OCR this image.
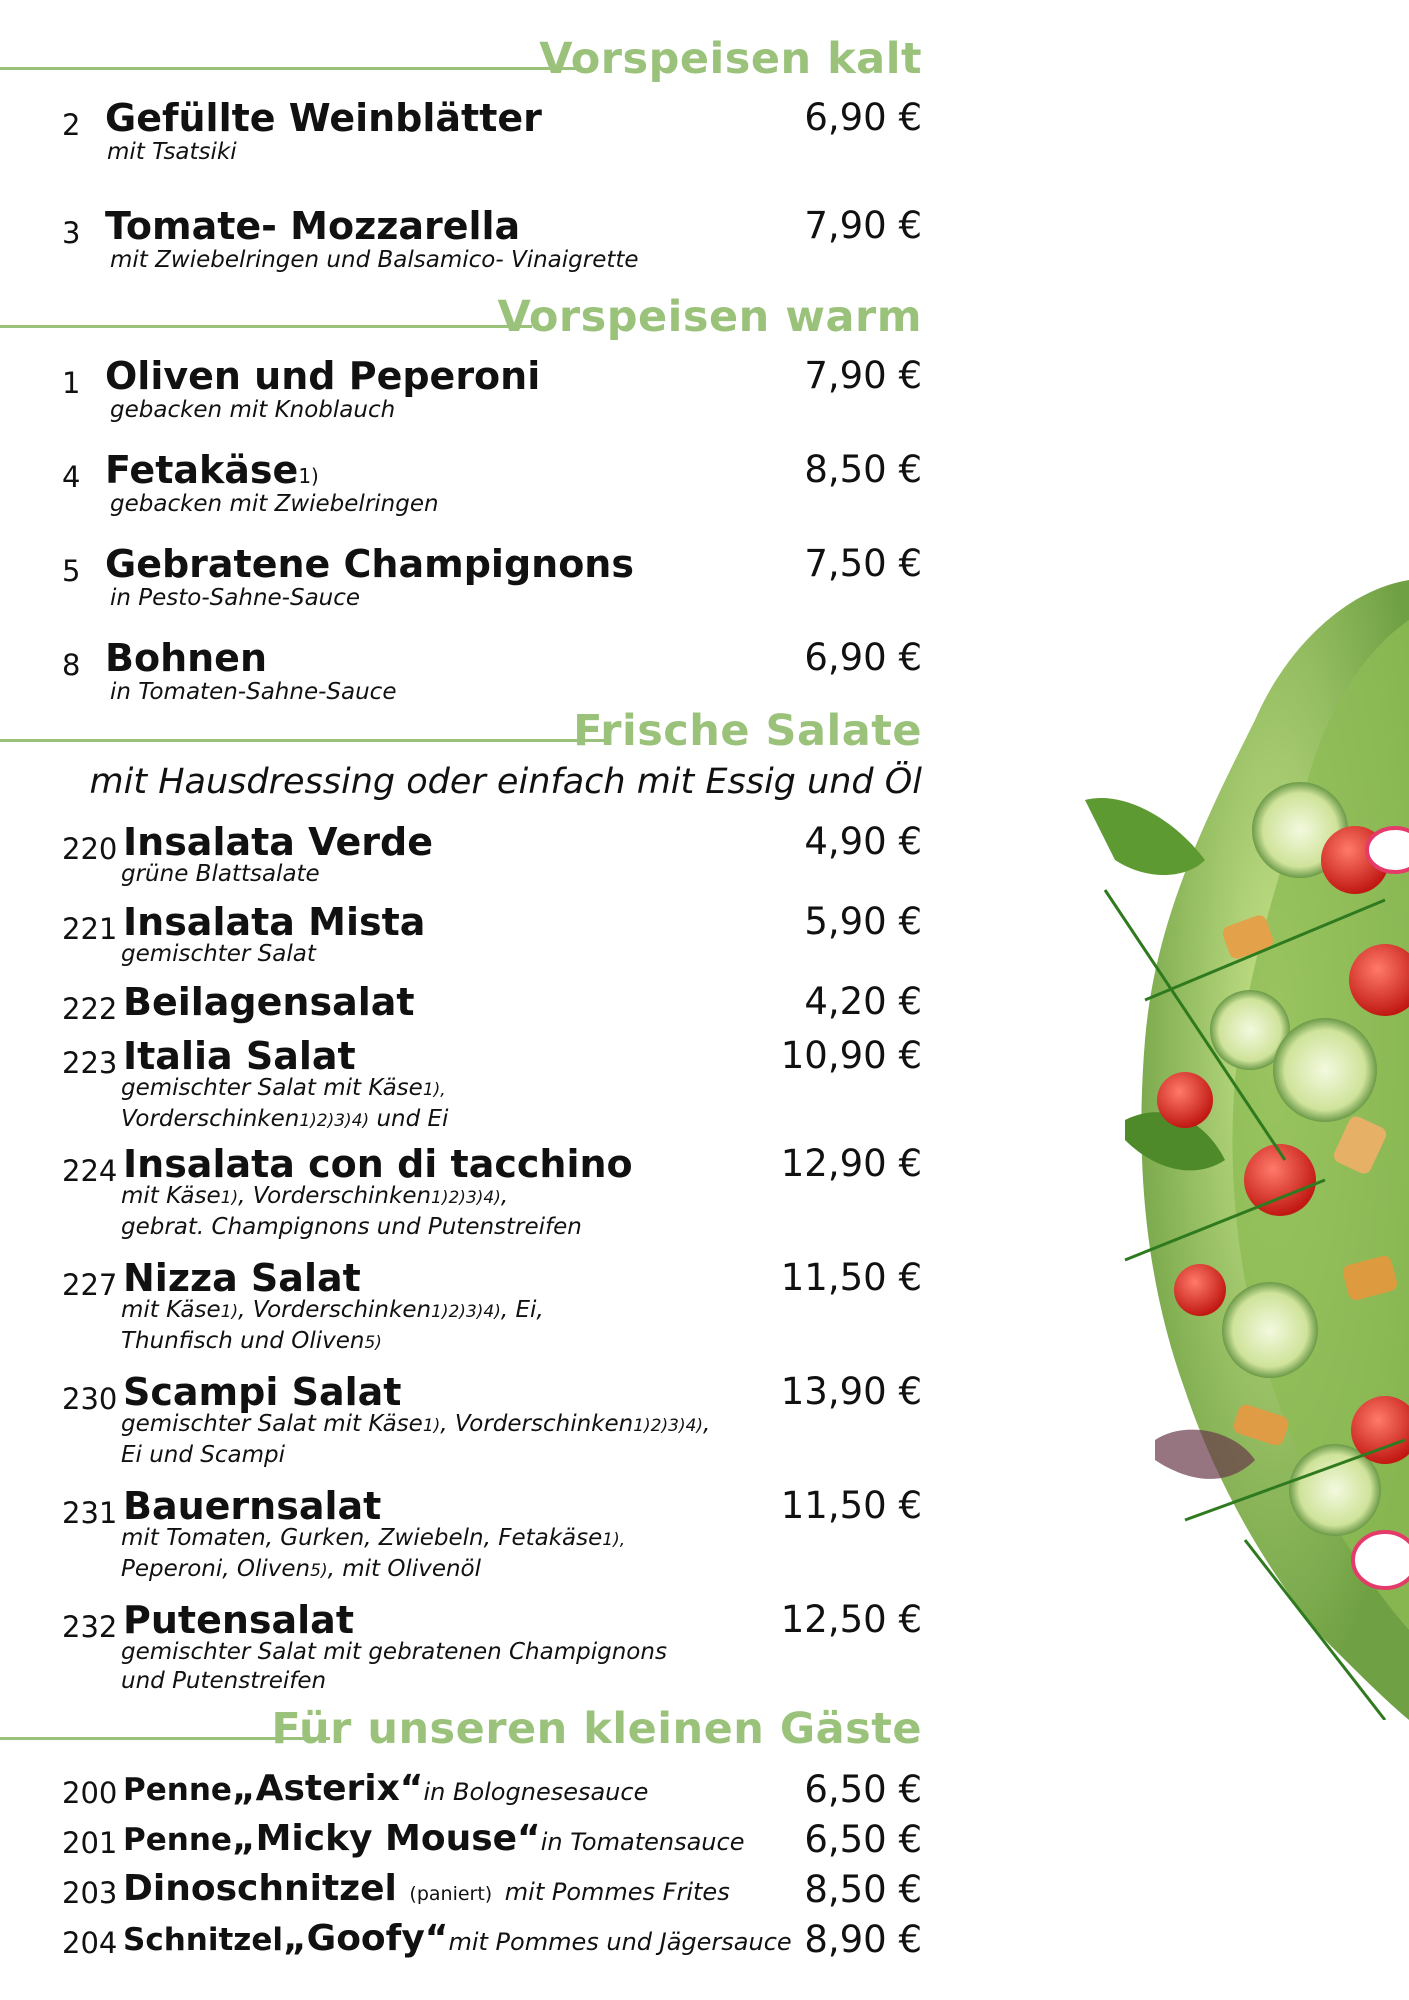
Vorspeisen kalt
2 Gefüllte Weinblätter
mit Tsatsiki
6,90 €
3 Tomate- Mozzarella
mit Zwiebelringen und Balsamico- Vinaigrette
7,90 €
Vorspeisen warm
1 Oliven und Peperoni
gebacken mit Knoblauch
7,90 €
4 Fetakäse1)
gebacken mit Zwiebelringen
8,50 €
5 Gebratene Champignons
in Pesto-Sahne-Sauce
7,50 €
8 Bohnen
in Tomaten-Sahne-Sauce
6,90 €
Frische Salate
mit Hausdressing oder einfach mit Essig und Öl
220 Insalata Verde
grüne Blattsalate
4,90 €
221 Insalata Mista
gemischter Salat
5,90 €
222 Beilagensalat	4,20 €
223 Italia Salat
gemischter Salat mit Käse1),
Vorderschinken1)2)3)4) und Ei
10,90 €
224 Insalata con di tacchino
mit Käse1), Vorderschinken1)2)3)4),
gebrat. Champignons und Putenstreifen
12,90 €
227 Nizza Salat
mit Käse1), Vorderschinken1)2)3)4), Ei,
Thunfisch und Oliven5)
11,50 €
230 Scampi Salat
gemischter Salat mit Käse1), Vorderschinken1)2)3)4),
Ei und Scampi
13,90 €
231 Bauernsalat
mit Tomaten, Gurken, Zwiebeln, Fetakäse1),
Peperoni, Oliven5), mit Olivenöl
11,50 €
232 Putensalat
gemischter Salat mit gebratenen Champignons
und Putenstreifen
12,50 €
Für unseren kleinen Gäste
200 Penne„Asterix“in Bolognesesauce	6,50 €
201 Penne„Micky Mouse“in Tomatensauce 6,50 €
203 Dinoschnitzel (paniert) mit Pommes Frites 8,50 €
204 Schnitzel„Goofy“mit Pommes und Jägersauce 8,90 €
